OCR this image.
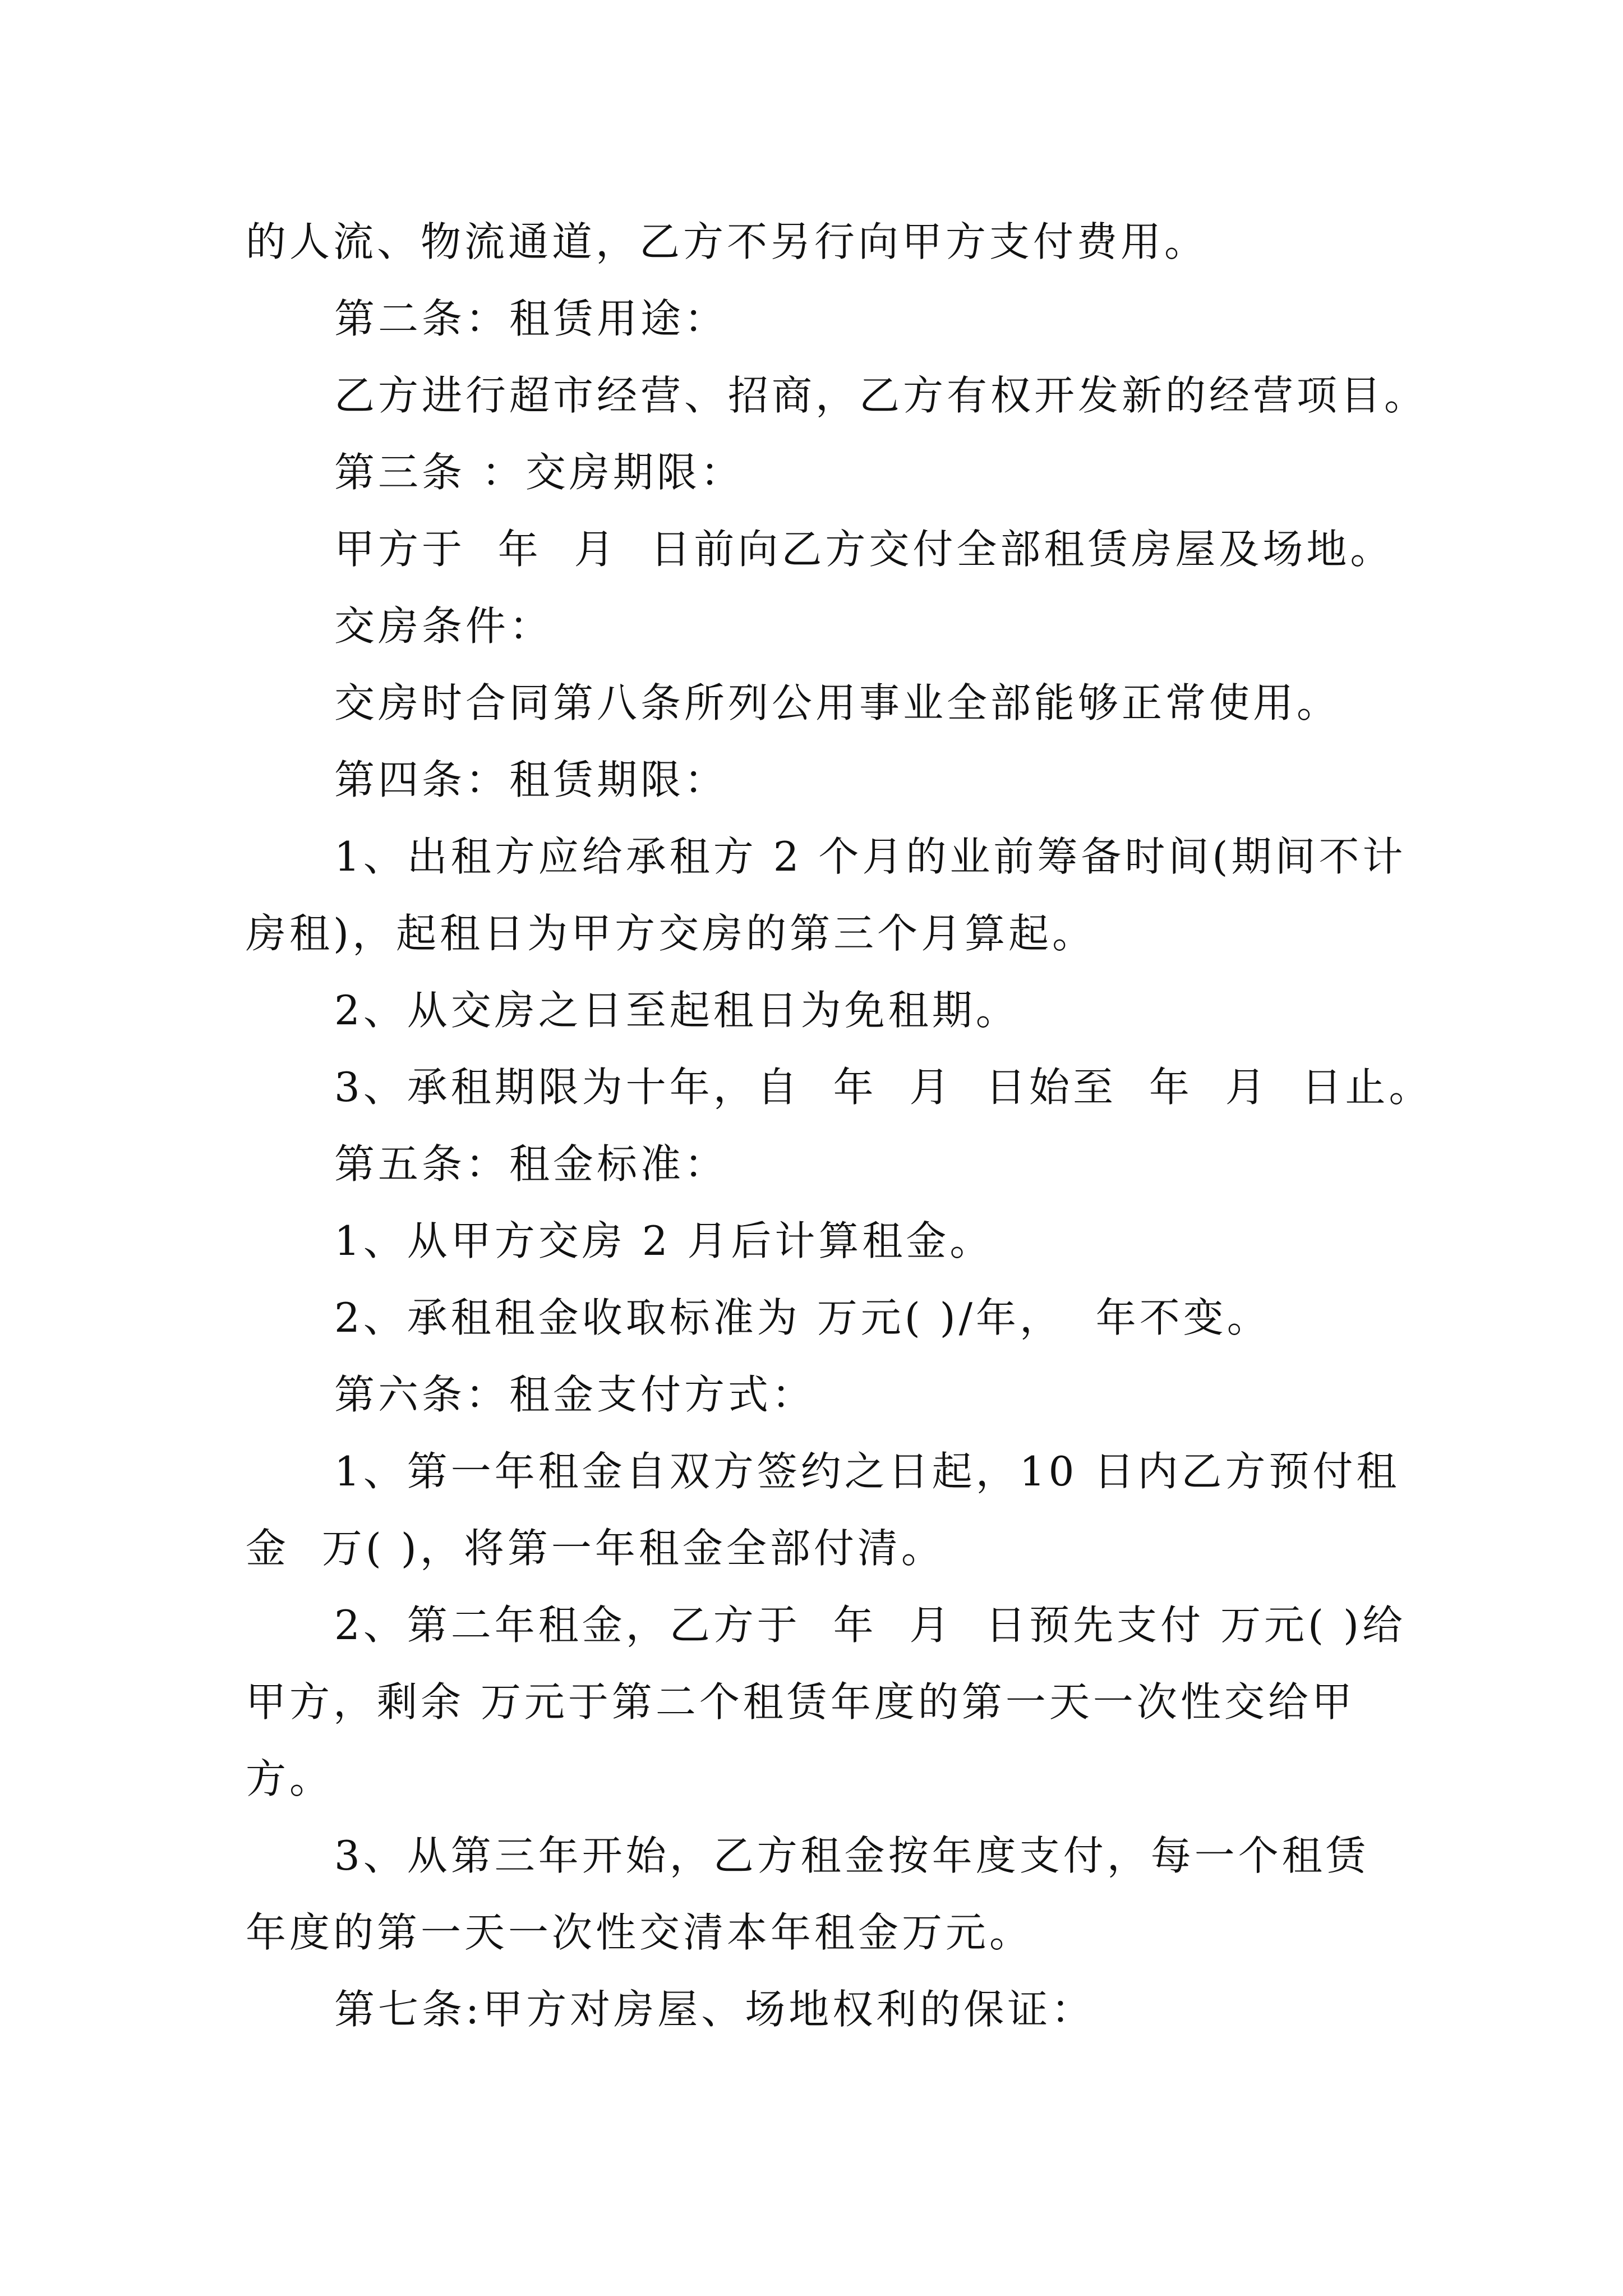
的人流、物流通道，乙方不另行向甲方支付费用。
第二条：租赁用途：
乙方进行超市经营、招商，乙方有权开发新的经营项目。
第三条 ：交房期限：
甲方于  年  月  日前向乙方交付全部租赁房屋及场地。
交房条件：
交房时合同第八条所列公用事业全部能够正常使用。
第四条：租赁期限：
1、出租方应给承租方 2 个月的业前筹备时间(期间不计
房租)，起租日为甲方交房的第三个月算起。
2、从交房之日至起租日为免租期。
3、承租期限为十年，自  年  月  日始至  年  月  日止。
第五条：租金标准：
1、从甲方交房 2 月后计算租金。
2、承租租金收取标准为 万元( )/年，  年不变。
第六条：租金支付方式：
1、第一年租金自双方签约之日起，10 日内乙方预付租
金  万( )，将第一年租金全部付清。
2、第二年租金，乙方于  年  月  日预先支付 万元( )给
甲方，剩余 万元于第二个租赁年度的第一天一次性交给甲
方。
3、从第三年开始，乙方租金按年度支付，每一个租赁
年度的第一天一次性交清本年租金万元。
第七条:甲方对房屋、场地权利的保证：
